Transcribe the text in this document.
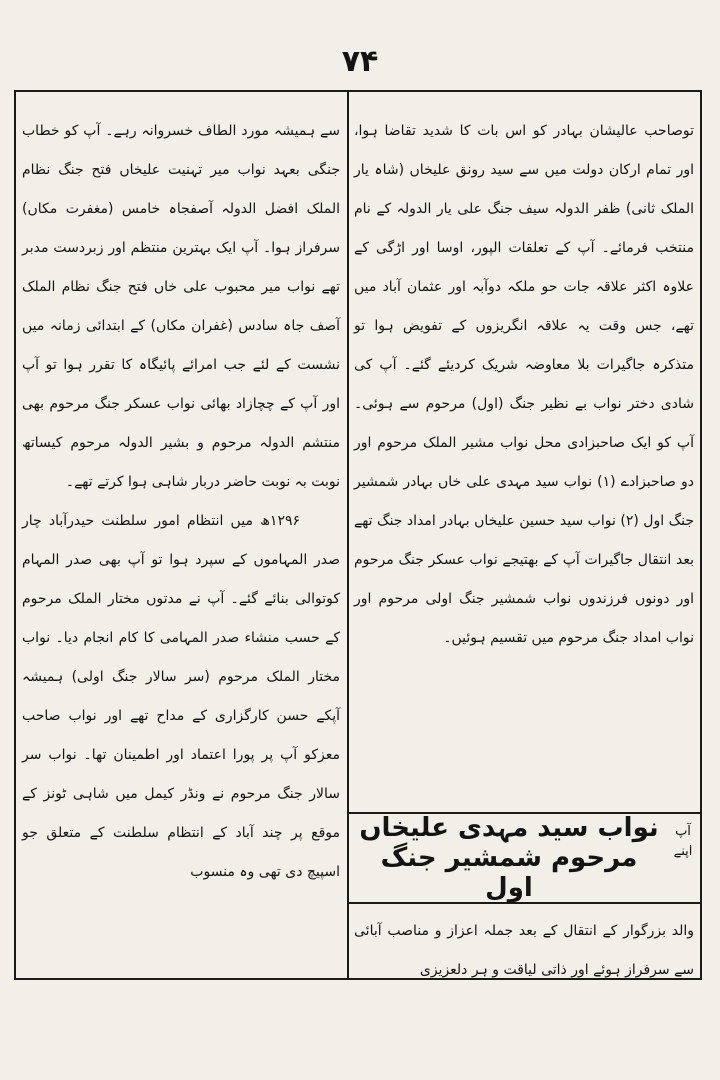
۷۴

توصاحب عالیشان بہادر کو اس بات کا شدید تقاضا ہوا، اور تمام ارکان دولت میں سے سید رونق علیخاں (شاہ یار الملک ثانی) ظفر الدولہ سیف جنگ علی یار الدولہ کے نام منتخب فرمائے۔ آپ کے تعلقات الپور، اوسا اور اڑگی کے علاوہ اکثر علاقہ جات حو ملکہ دوآبہ اور عثمان آباد میں تھے، جس وقت یہ علاقہ انگریزوں کے تفویض ہوا تو متذکرہ جاگیرات بلا معاوضہ شریک کردیئے گئے۔ آپ کی شادی دختر نواب بے نظیر جنگ (اول) مرحوم سے ہوئی۔ آپ کو ایک صاحبزادی محل نواب مشیر الملک مرحوم اور دو صاحبزادے (۱) نواب سید مہدی علی خاں بہادر شمشیر جنگ اول (۲) نواب سید حسین علیخاں بہادر امداد جنگ تھے بعد انتقال جاگیرات آپ کے بھتیجے نواب عسکر جنگ مرحوم اور دونوں فرزندوں نواب شمشیر جنگ اولی مرحوم اور نواب امداد جنگ مرحوم میں تقسیم ہوئیں۔

نواب سید مہدی علیخاں مرحوم شمشیر جنگ اول
آپ اپنے

والد بزرگوار کے انتقال کے بعد جملہ اعزاز و مناصب آبائی سے سرفراز ہوئے اور ذاتی لیاقت و ہر دلعزیزی

سے ہمیشہ مورد الطاف خسروانہ رہے۔ آپ کو خطاب جنگی بعہد نواب میر تہنیت علیخاں فتح جنگ نظام الملک افضل الدولہ آصفجاہ خامس (مغفرت مکاں) سرفراز ہوا۔ آپ ایک بہترین منتظم اور زبردست مدبر تھے نواب میر محبوب علی خاں فتح جنگ نظام الملک آصف جاہ سادس (غفران مکاں) کے ابتدائی زمانہ میں نشست کے لئے جب امرائے پائیگاہ کا تقرر ہوا تو آپ اور آپ کے چچازاد بھائی نواب عسکر جنگ مرحوم بھی منتشم الدولہ مرحوم و بشیر الدولہ مرحوم کیساتھ نوبت بہ نوبت حاضر دربار شاہی ہوا کرتے تھے۔

۱۲۹۶ھ میں انتظام امور سلطنت حیدرآباد چار صدر المہاموں کے سپرد ہوا تو آپ بھی صدر المہام کوتوالی بنائے گئے۔ آپ نے مدتوں مختار الملک مرحوم کے حسب منشاء صدر المہامی کا کام انجام دیا۔ نواب مختار الملک مرحوم (سر سالار جنگ اولی) ہمیشہ آپکے حسن کارگزاری کے مداح تھے اور نواب صاحب معزکو آپ پر پورا اعتماد اور اطمینان تھا۔ نواب سر سالار جنگ مرحوم نے ونڈر کیمل میں شاہی ٹونز کے موقع پر چند آباد کے انتظام سلطنت کے متعلق جو اسپیچ دی تھی وہ منسوب
